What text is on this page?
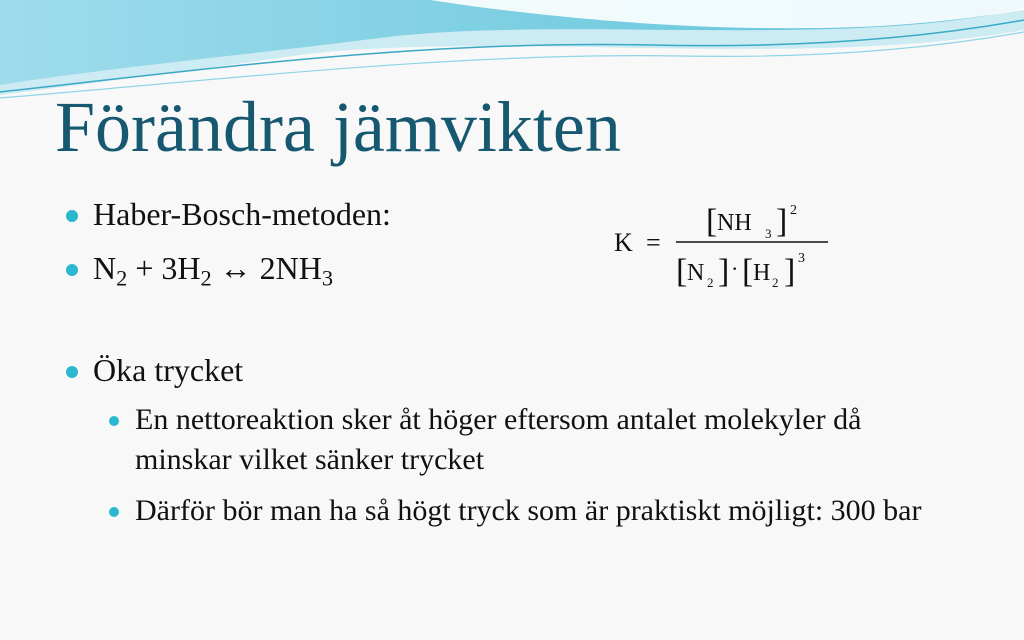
Förändra jämvikten
Haber-Bosch-metoden:
$N_2 + 3H_2$ ↔ $2NH_3$
K =
[ NH 3 ] 2
[ N 2 ] · [ H 2 ] 3
Öka trycket
En nettoreaktion sker åt höger eftersom antalet molekyler då minskar vilket sänker trycket
Därför bör man ha så högt tryck som är praktiskt möjligt: 300 bar
